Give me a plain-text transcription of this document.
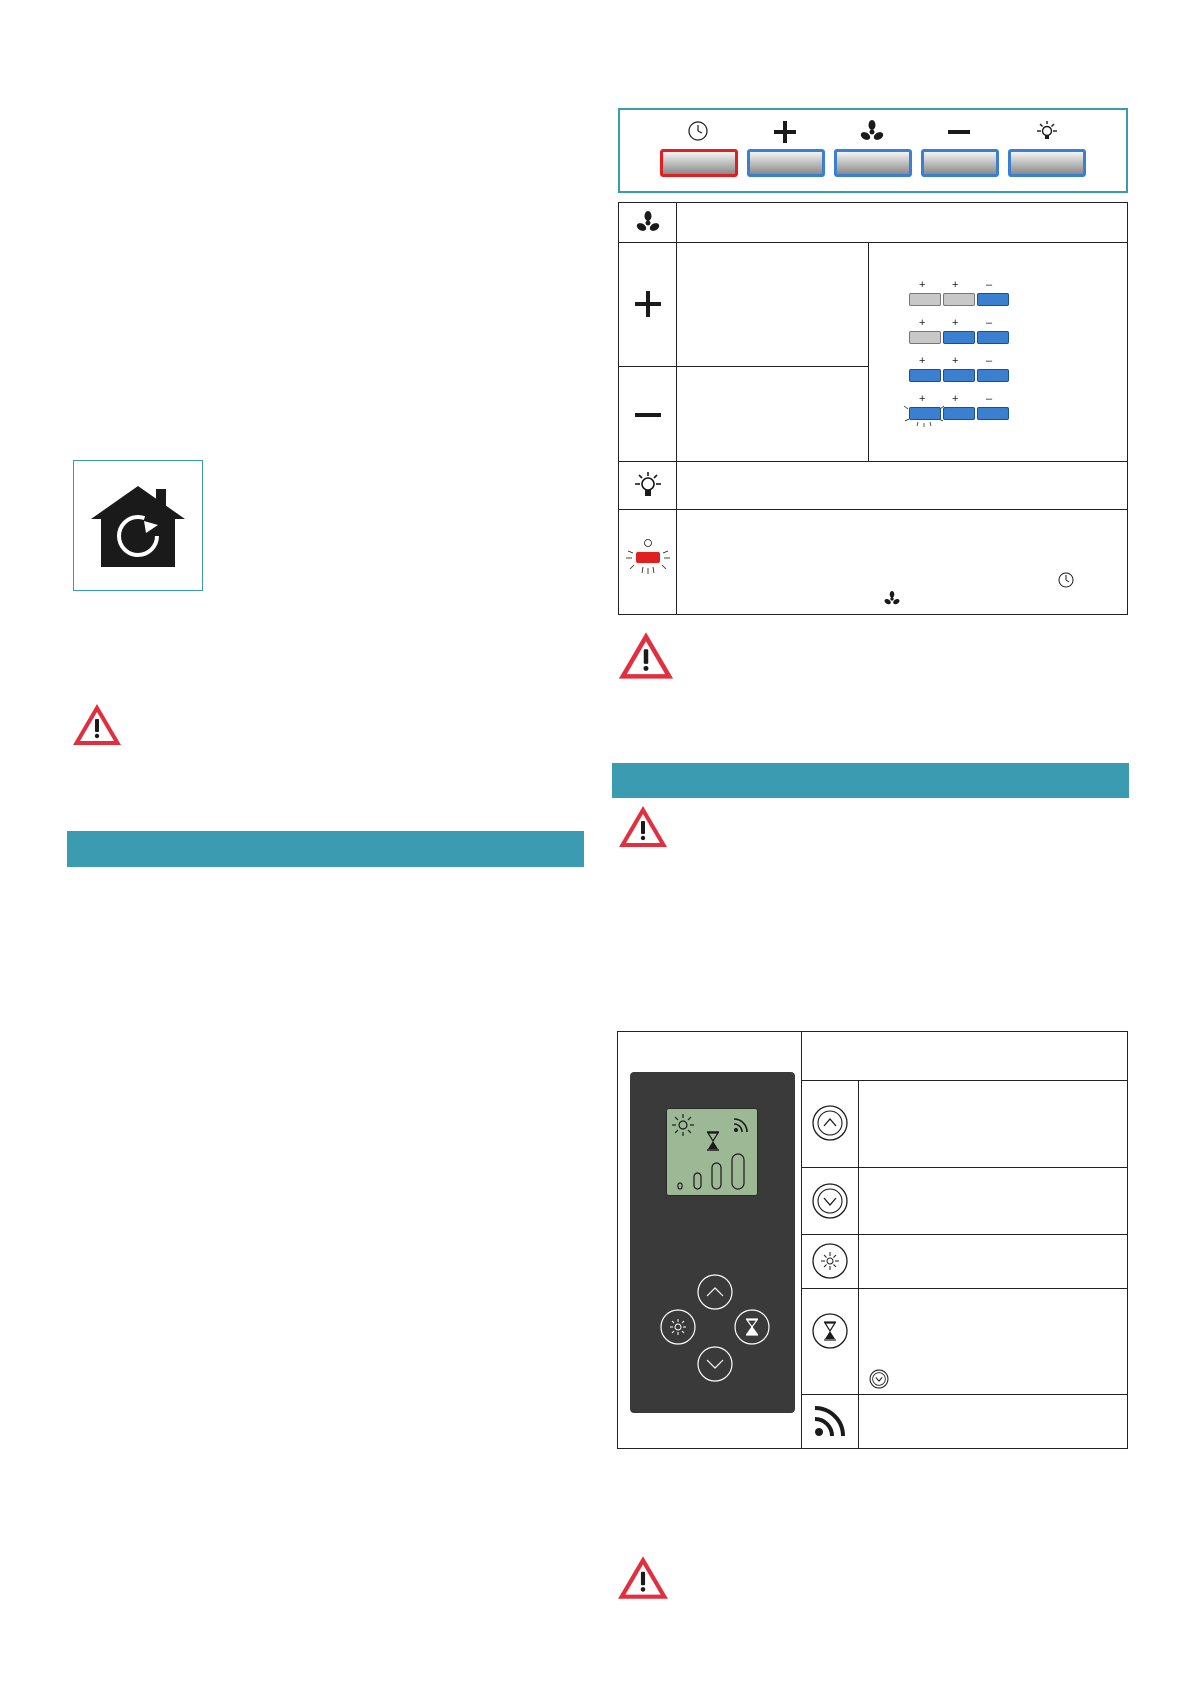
+ +	–
+ +	–
+ +	–
+ +	–
